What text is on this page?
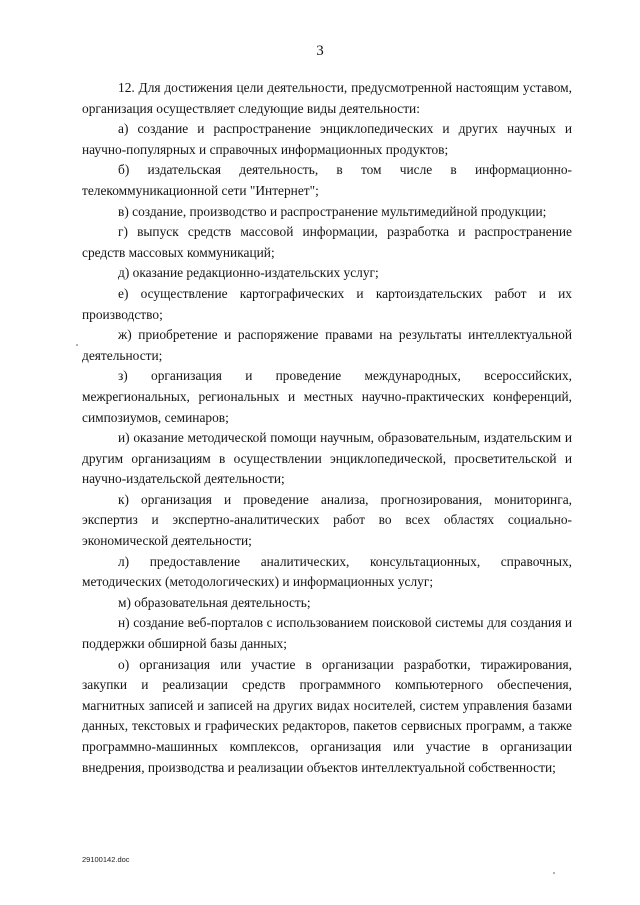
3

12. Для достижения цели деятельности, предусмотренной настоящим уставом, организация осуществляет следующие виды деятельности:

а) создание и распространение энциклопедических и других научных и научно-популярных и справочных информационных продуктов;

б) издательская деятельность, в том числе в информационно-телекоммуникационной сети "Интернет";

в) создание, производство и распространение мультимедийной продукции;

г) выпуск средств массовой информации, разработка и распространение средств массовых коммуникаций;

д) оказание редакционно-издательских услуг;

е) осуществление картографических и картоиздательских работ и их производство;

ж) приобретение и распоряжение правами на результаты интеллектуальной деятельности;

з) организация и проведение международных, всероссийских, межрегиональных, региональных и местных научно-практических конференций, симпозиумов, семинаров;

и) оказание методической помощи научным, образовательным, издательским и другим организациям в осуществлении энциклопедической, просветительской и научно-издательской деятельности;

к) организация и проведение анализа, прогнозирования, мониторинга, экспертиз и экспертно-аналитических работ во всех областях социально-экономической деятельности;

л) предоставление аналитических, консультационных, справочных, методических (методологических) и информационных услуг;

м) образовательная деятельность;

н) создание веб-порталов с использованием поисковой системы для создания и поддержки обширной базы данных;

о) организация или участие в организации разработки, тиражирования, закупки и реализации средств программного компьютерного обеспечения, магнитных записей и записей на других видах носителей, систем управления базами данных, текстовых и графических редакторов, пакетов сервисных программ, а также программно-машинных комплексов, организация или участие в организации внедрения, производства и реализации объектов интеллектуальной собственности;

29100142.doc
